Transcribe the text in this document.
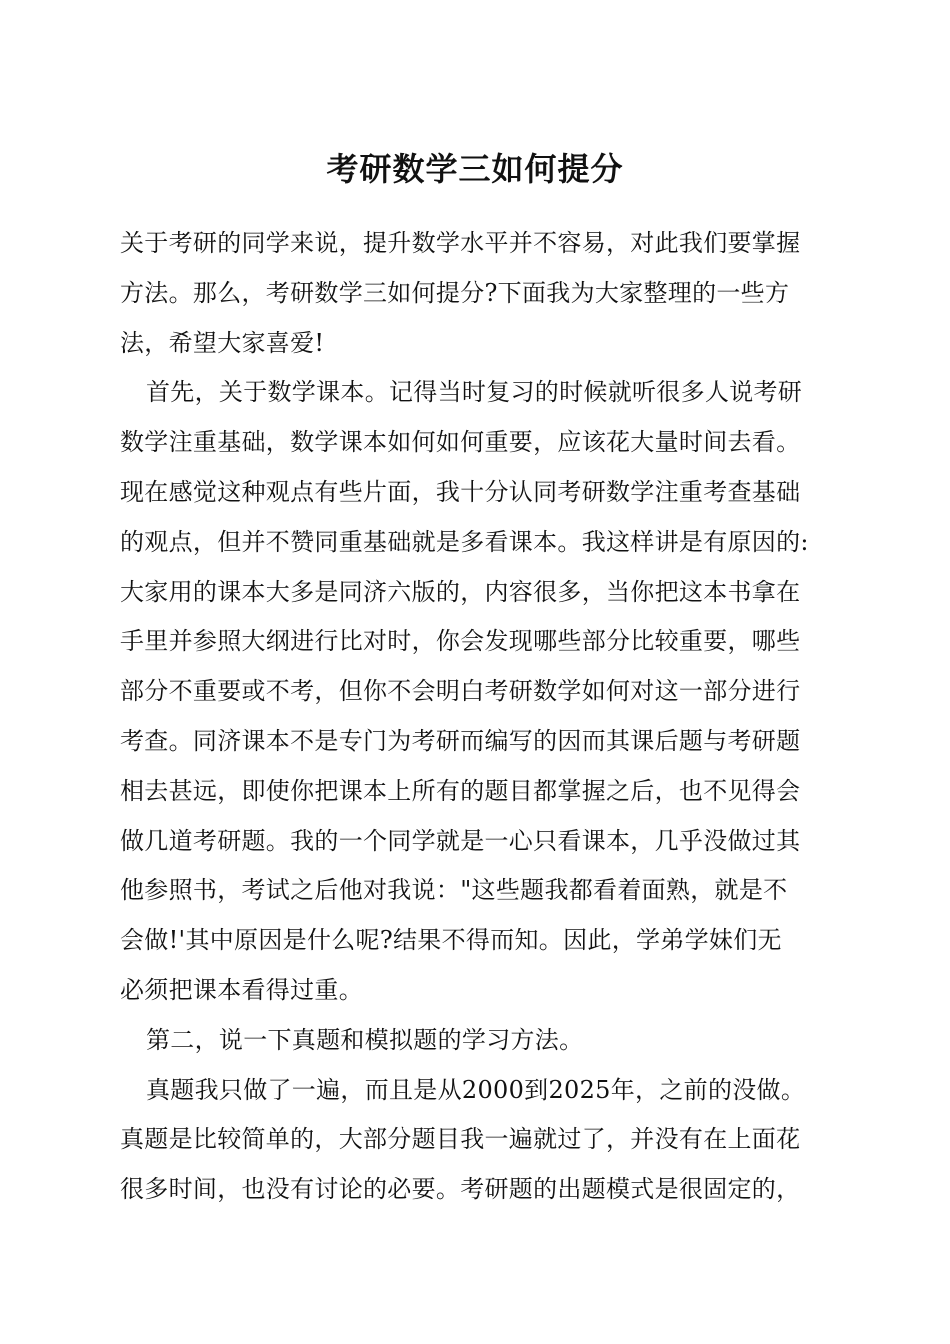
考研数学三如何提分
关于考研的同学来说，提升数学水平并不容易，对此我们要掌握
方法。那么，考研数学三如何提分?下面我为大家整理的一些方
法，希望大家喜爱!
首先，关于数学课本。记得当时复习的时候就听很多人说考研
数学注重基础，数学课本如何如何重要，应该花大量时间去看。
现在感觉这种观点有些片面，我十分认同考研数学注重考查基础
的观点，但并不赞同重基础就是多看课本。我这样讲是有原因的:
大家用的课本大多是同济六版的，内容很多，当你把这本书拿在
手里并参照大纲进行比对时，你会发现哪些部分比较重要，哪些
部分不重要或不考，但你不会明白考研数学如何对这一部分进行
考查。同济课本不是专门为考研而编写的因而其课后题与考研题
相去甚远，即使你把课本上所有的题目都掌握之后，也不见得会
做几道考研题。我的一个同学就是一心只看课本，几乎没做过其
他参照书，考试之后他对我说："这些题我都看着面熟，就是不
会做!'其中原因是什么呢?结果不得而知。因此，学弟学妹们无
必须把课本看得过重。
第二，说一下真题和模拟题的学习方法。
真题我只做了一遍，而且是从2000到2025年，之前的没做。
真题是比较简单的，大部分题目我一遍就过了，并没有在上面花
很多时间，也没有讨论的必要。考研题的出题模式是很固定的，
